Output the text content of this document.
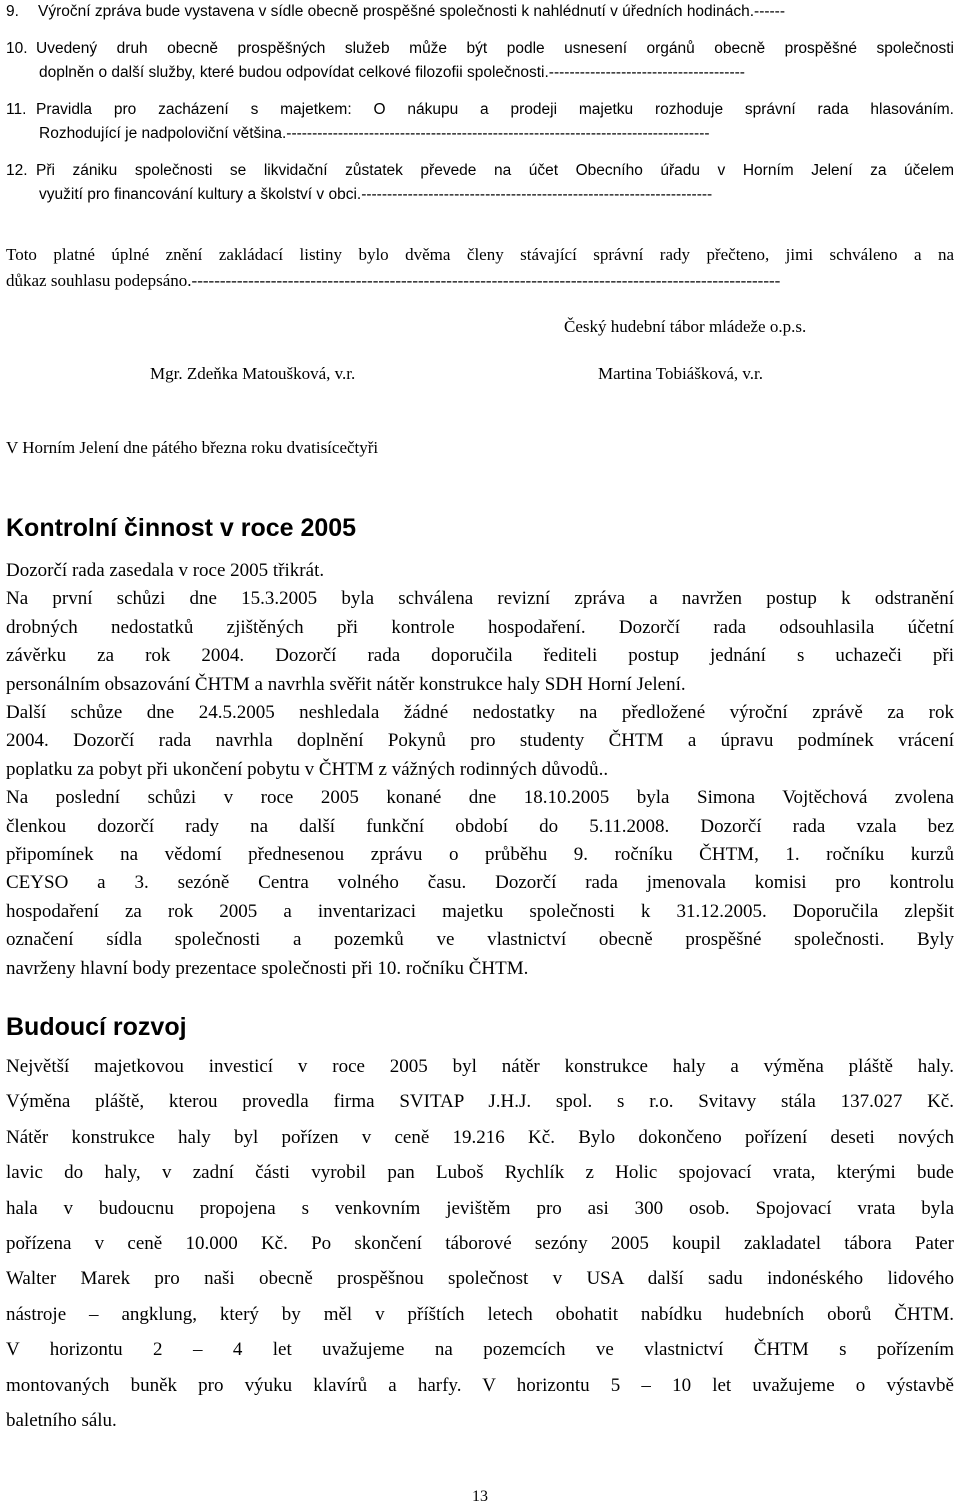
9.	Výroční zpráva bude vystavena v sídle obecně prospěšné společnosti k nahlédnutí v úředních hodinách.------
10. Uvedený druh obecně prospěšných služeb může být podle usnesení orgánů obecně prospěšné společnosti
doplněn o další služby, které budou odpovídat celkové filozofii společnosti.--------------------------------------
11. Pravidla pro zacházení s majetkem: O nákupu a prodeji majetku rozhoduje správní rada hlasováním.
Rozhodující je nadpoloviční většina.----------------------------------------------------------------------------------
12. Při zániku společnosti se likvidační zůstatek převede na účet Obecního úřadu v Horním Jelení za účelem
využití pro financování kultury a školství v obci.--------------------------------------------------------------------
Toto platné úplné znění zakládací listiny bylo dvěma členy stávající správní rady přečteno, jimi schváleno a na
důkaz souhlasu podepsáno.--------------------------------------------------------------------------------------------------------
Český hudební tábor mládeže o.p.s.
Mgr. Zdeňka Matoušková, v.r.	Martina Tobiášková, v.r.
V Horním Jelení dne pátého března roku dvatisícečtyři
Kontrolní činnost v roce 2005
Dozorčí rada zasedala v roce 2005 třikrát.
Na první schůzi dne 15.3.2005 byla schválena revizní zpráva a navržen postup k odstranění
drobných nedostatků zjištěných při kontrole hospodaření. Dozorčí rada odsouhlasila účetní
závěrku za rok 2004. Dozorčí rada doporučila řediteli postup jednání s uchazeči při
personálním obsazování ČHTM a navrhla svěřit nátěr konstrukce haly SDH Horní Jelení.
Další schůze dne 24.5.2005 neshledala žádné nedostatky na předložené výroční zprávě za rok
2004. Dozorčí rada navrhla doplnění Pokynů pro studenty ČHTM a úpravu podmínek vrácení
poplatku za pobyt při ukončení pobytu v ČHTM z vážných rodinných důvodů..
Na poslední schůzi v roce 2005 konané dne 18.10.2005 byla Simona Vojtěchová zvolena
členkou dozorčí rady na další funkční období do 5.11.2008. Dozorčí rada vzala bez
připomínek na vědomí přednesenou zprávu o průběhu 9. ročníku ČHTM, 1. ročníku kurzů
CEYSO a 3. sezóně Centra volného času. Dozorčí rada jmenovala komisi pro kontrolu
hospodaření za rok 2005 a inventarizaci majetku společnosti k 31.12.2005. Doporučila zlepšit
označení sídla společnosti a pozemků ve vlastnictví obecně prospěšné společnosti. Byly
navrženy hlavní body prezentace společnosti při 10. ročníku ČHTM.
Budoucí rozvoj
Největší majetkovou investicí v roce 2005 byl nátěr konstrukce haly a výměna pláště haly.
Výměna pláště, kterou provedla firma SVITAP J.H.J. spol. s r.o. Svitavy stála 137.027 Kč.
Nátěr konstrukce haly byl pořízen v ceně 19.216 Kč. Bylo dokončeno pořízení deseti nových
lavic do haly, v zadní části vyrobil pan Luboš Rychlík z Holic spojovací vrata, kterými bude
hala v budoucnu propojena s venkovním jevištěm pro asi 300 osob. Spojovací vrata byla
pořízena v ceně 10.000 Kč. Po skončení táborové sezóny 2005 koupil zakladatel tábora Pater
Walter Marek pro naši obecně prospěšnou společnost v USA další sadu indonéského lidového
nástroje – angklung, který by měl v příštích letech obohatit nabídku hudebních oborů ČHTM.
V horizontu 2 – 4 let uvažujeme na pozemcích ve vlastnictví ČHTM s pořízením
montovaných buněk pro výuku klavírů a harfy. V horizontu 5 – 10 let uvažujeme o výstavbě
baletního sálu.
13
